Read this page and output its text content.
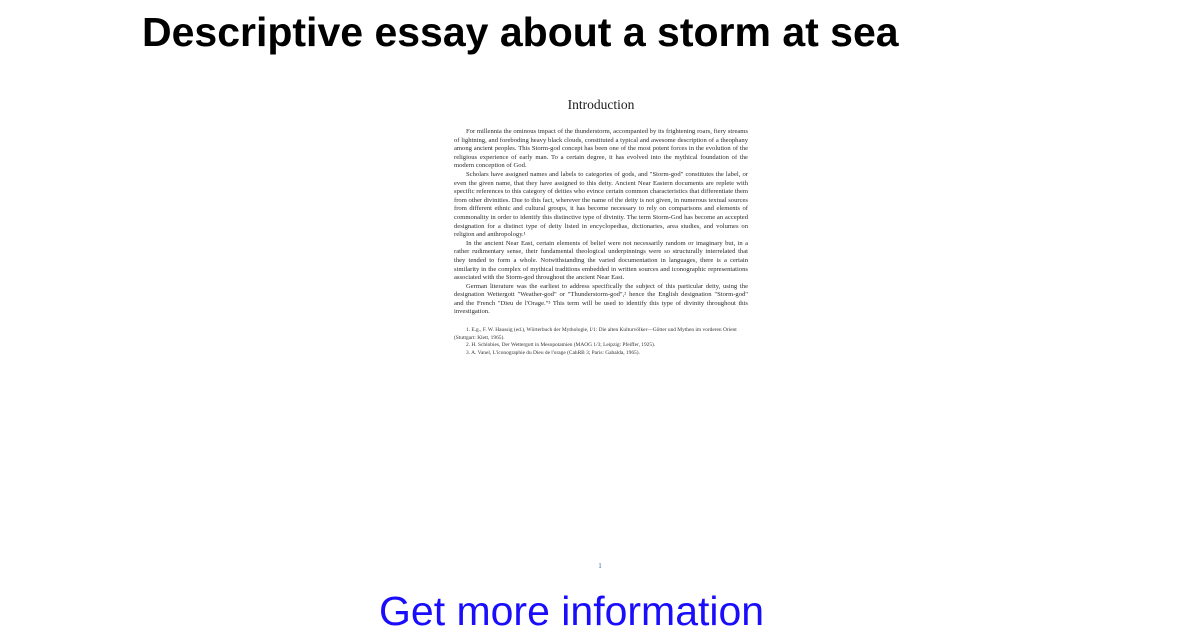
Descriptive essay about a storm at sea
Introduction

For millennia the ominous impact of the thunderstorm, accompanied by its frightening roars, fiery streams of lightning, and foreboding heavy black clouds, constituted a typical and awesome description of a theophany among ancient peoples. This Storm-god concept has been one of the most potent forces in the evolution of the religious experience of early man. To a certain degree, it has evolved into the mythical foundation of the modern conception of God.

Scholars have assigned names and labels to categories of gods, and "Storm-god" constitutes the label, or even the given name, that they have assigned to this deity. Ancient Near Eastern documents are replete with specific references to this category of deities who evince certain common characteristics that differentiate them from other divinities. Due to this fact, wherever the name of the deity is not given, in numerous textual sources from different ethnic and cultural groups, it has become necessary to rely on comparisons and elements of commonality in order to identify this distinctive type of divinity. The term Storm-God has become an accepted designation for a distinct type of deity listed in encyclopedias, dictionaries, area studies, and volumes on religion and anthropology.¹

In the ancient Near East, certain elements of belief were not necessarily random or imaginary but, in a rather rudimentary sense, their fundamental theological underpinnings were so structurally interrelated that they tended to form a whole. Notwithstanding the varied documentation in languages, there is a certain similarity in the complex of mythical traditions embedded in written sources and iconographic representations associated with the Storm-god throughout the ancient Near East.

German literature was the earliest to address specifically the subject of this particular deity, using the designation Wettergott "Weather-god" or "Thunderstorm-god",² hence the English designation "Storm-god" and the French "Dieu de l'Orage."³ This term will be used to identify this type of divinity throughout this investigation.

1. E.g., F. W. Haussig (ed.), Wörterbuch der Mythologie, I/1: Die alten Kulturvölker—Götter und Mythen im vorderen Orient (Stuttgart: Klett, 1965).
2. H. Schlobies, Der Wettergott in Mesopotamien (MAOG 1/3; Leipzig: Pfeiffer, 1925).
3. A. Vanel, L'iconographie du Dieu de l'orage (CahRB 3; Paris: Gabalda, 1965).
1
Get more information
